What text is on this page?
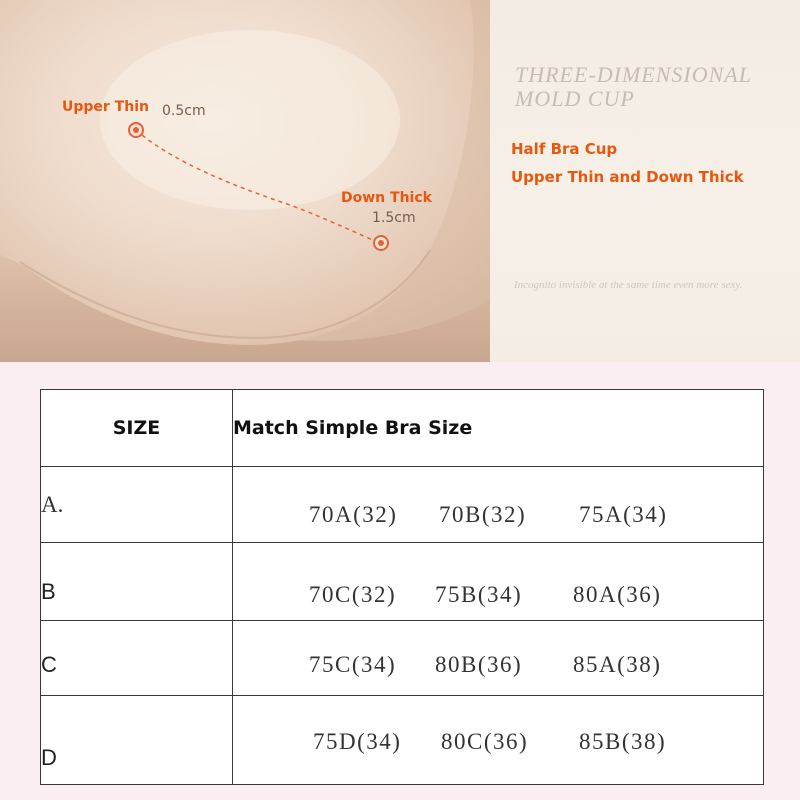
Upper Thin 0.5cm
Down Thick
1.5cm
THREE-DIMENSIONAL
MOLD CUP
Half Bra Cup
Upper Thin and Down Thick
Incognito invisible at the same time even more sexy.
SIZE	Match Simple Bra Size
A.	70A(32) 70B(32) 75A(34)
B	70C(32) 75B(34) 80A(36)
C	75C(34) 80B(36) 85A(38)
D	75D(34) 80C(36) 85B(38)
